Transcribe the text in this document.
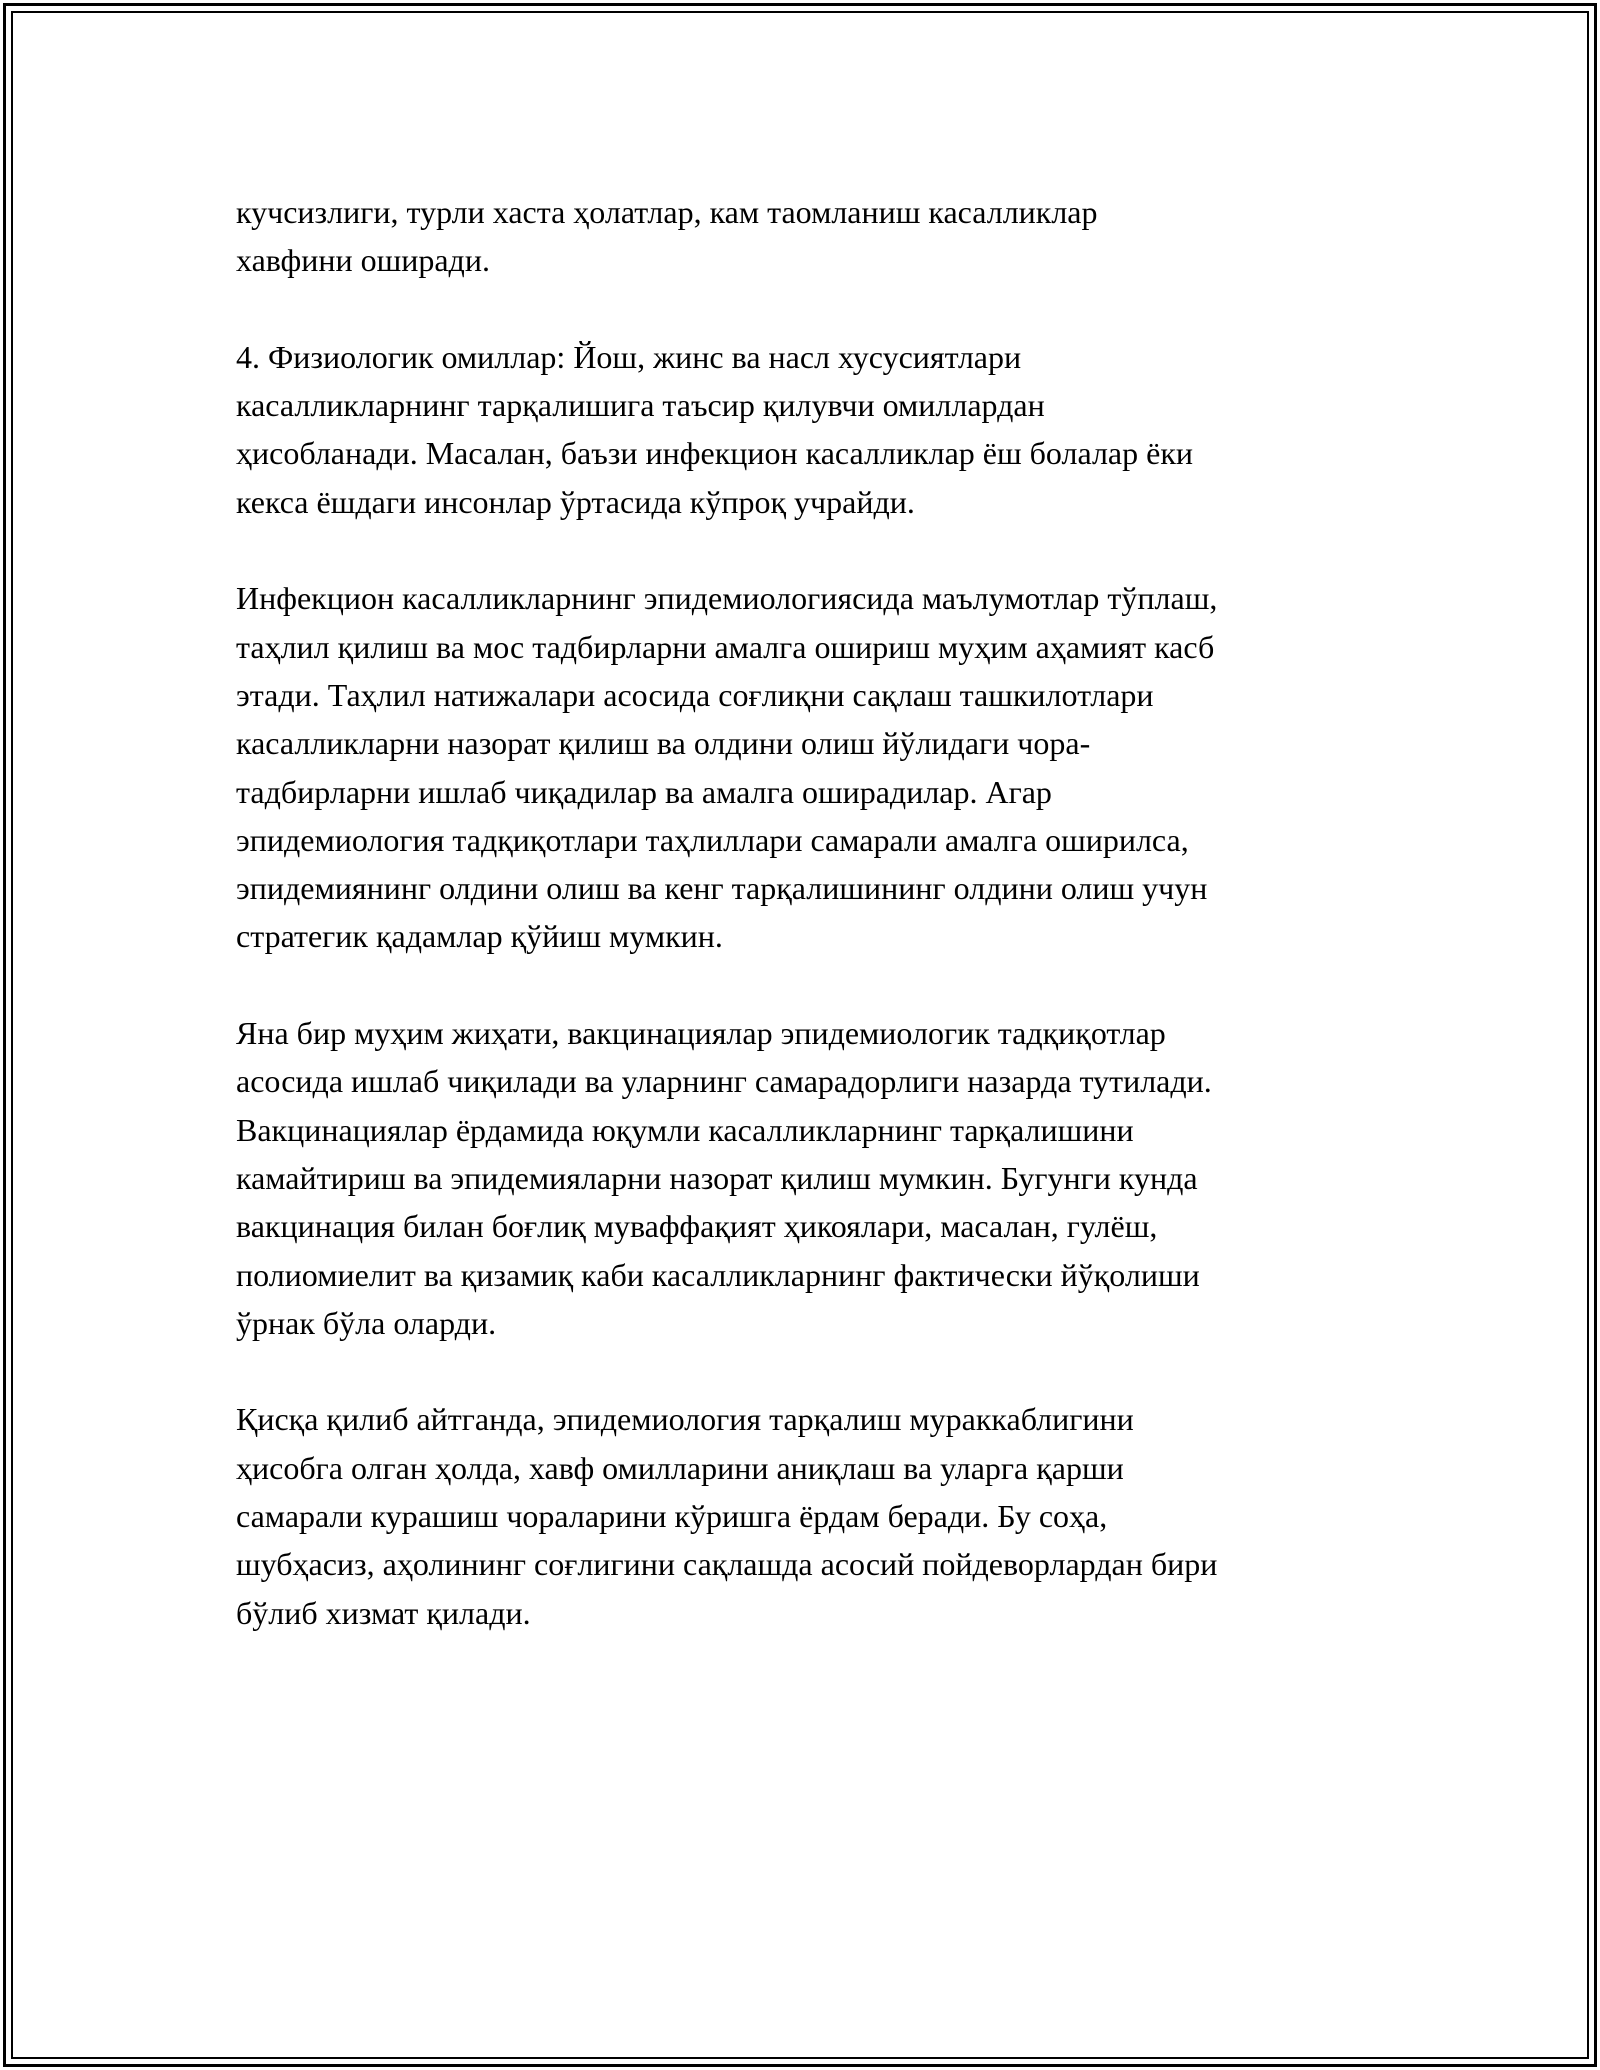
кучсизлиги, турли хаста ҳолатлар, кам таомланиш касалликлар
хавфини оширади.

4. Физиологик омиллар: Йош, жинс ва насл хусусиятлари
касалликларнинг тарқалишига таъсир қилувчи омиллардан
ҳисобланади. Масалан, баъзи инфекцион касалликлар ёш болалар ёки
кекса ёшдаги инсонлар ўртасида кўпроқ учрайди.

Инфекцион касалликларнинг эпидемиологиясида маълумотлар тўплаш,
таҳлил қилиш ва мос тадбирларни амалга ошириш муҳим аҳамият касб
этади. Таҳлил натижалари асосида соғлиқни сақлаш ташкилотлари
касалликларни назорат қилиш ва олдини олиш йўлидаги чора-
тадбирларни ишлаб чиқадилар ва амалга оширадилар. Агар
эпидемиология тадқиқотлари таҳлиллари самарали амалга оширилса,
эпидемиянинг олдини олиш ва кенг тарқалишининг олдини олиш учун
стратегик қадамлар қўйиш мумкин.

Яна бир муҳим жиҳати, вакцинациялар эпидемиологик тадқиқотлар
асосида ишлаб чиқилади ва уларнинг самарадорлиги назарда тутилади.
Вакцинациялар ёрдамида юқумли касалликларнинг тарқалишини
камайтириш ва эпидемияларни назорат қилиш мумкин. Бугунги кунда
вакцинация билан боғлиқ муваффақият ҳикоялари, масалан, гулёш,
полиомиелит ва қизамиқ каби касалликларнинг фактически йўқолиши
ўрнак бўла оларди.

Қисқа қилиб айтганда, эпидемиология тарқалиш мураккаблигини
ҳисобга олган ҳолда, хавф омилларини аниқлаш ва уларга қарши
самарали курашиш чораларини кўришга ёрдам беради. Бу соҳа,
шубҳасиз, аҳолининг соғлигини сақлашда асосий пойдеворлардан бири
бўлиб хизмат қилади.
